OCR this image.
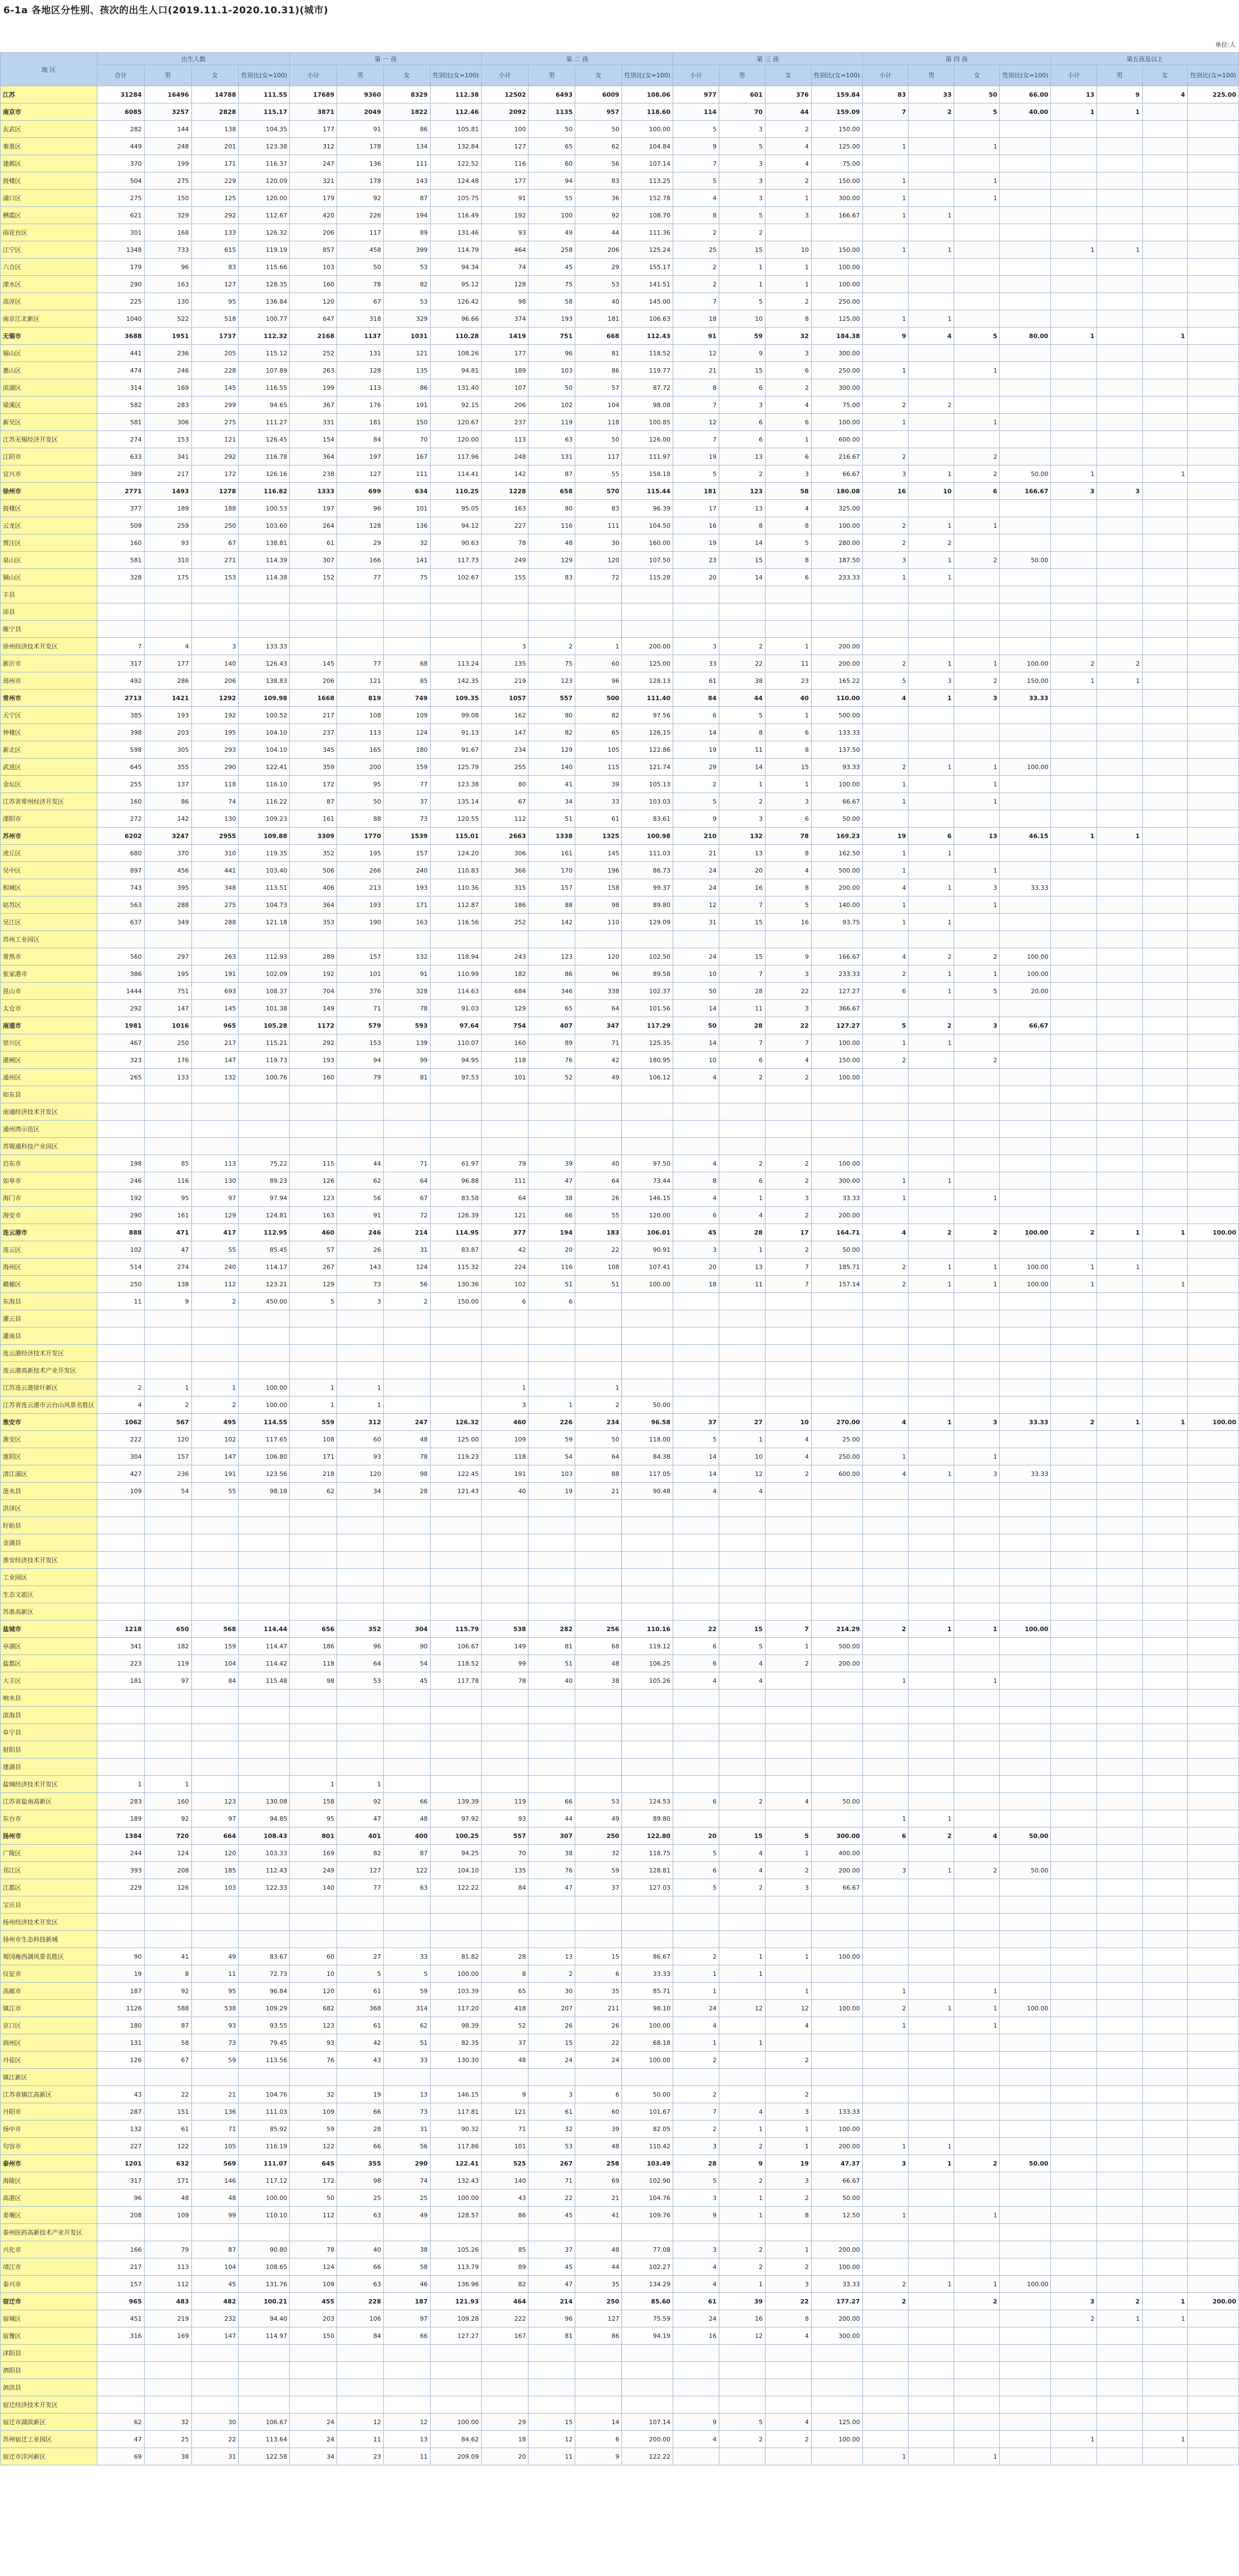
6-1a 各地区分性别、孩次的出生人口(2019.11.1-2020.10.31)(城市)
单位:人
地 区	出生人数				第 一 孩				第 二 孩				第 三 孩				第 四 孩				第五孩及以上			
	合计	男	女	性别比(女=100)	小计	男	女	性别比(女=100)	小计	男	女	性别比(女=100)	小计	男	女	性别比(女=100)	小计	男	女	性别比(女=100)	小计	男	女	性别比(女=100)
江苏	31284	16496	14788	111.55	17689	9360	8329	112.38	12502	6493	6009	108.06	977	601	376	159.84	83	33	50	66.00	13	9	4	225.00
南京市	6085	3257	2828	115.17	3871	2049	1822	112.46	2092	1135	957	118.60	114	70	44	159.09	7	2	5	40.00	1	1		
玄武区	282	144	138	104.35	177	91	86	105.81	100	50	50	100.00	5	3	2	150.00								
秦淮区	449	248	201	123.38	312	178	134	132.84	127	65	62	104.84	9	5	4	125.00	1		1					
建邺区	370	199	171	116.37	247	136	111	122.52	116	60	56	107.14	7	3	4	75.00								
鼓楼区	504	275	229	120.09	321	178	143	124.48	177	94	83	113.25	5	3	2	150.00	1		1					
浦口区	275	150	125	120.00	179	92	87	105.75	91	55	36	152.78	4	3	1	300.00	1		1					
栖霞区	621	329	292	112.67	420	226	194	116.49	192	100	92	108.70	8	5	3	166.67	1	1						
雨花台区	301	168	133	126.32	206	117	89	131.46	93	49	44	111.36	2	2										
江宁区	1348	733	615	119.19	857	458	399	114.79	464	258	206	125.24	25	15	10	150.00	1	1			1	1		
六合区	179	96	83	115.66	103	50	53	94.34	74	45	29	155.17	2	1	1	100.00								
溧水区	290	163	127	128.35	160	78	82	95.12	128	75	53	141.51	2	1	1	100.00								
高淳区	225	130	95	136.84	120	67	53	126.42	98	58	40	145.00	7	5	2	250.00								
南京江北新区	1040	522	518	100.77	647	318	329	96.66	374	193	181	106.63	18	10	8	125.00	1	1						
无锡市	3688	1951	1737	112.32	2168	1137	1031	110.28	1419	751	668	112.43	91	59	32	184.38	9	4	5	80.00	1		1	
锡山区	441	236	205	115.12	252	131	121	108.26	177	96	81	118.52	12	9	3	300.00								
惠山区	474	246	228	107.89	263	128	135	94.81	189	103	86	119.77	21	15	6	250.00	1		1					
滨湖区	314	169	145	116.55	199	113	86	131.40	107	50	57	87.72	8	6	2	300.00								
梁溪区	582	283	299	94.65	367	176	191	92.15	206	102	104	98.08	7	3	4	75.00	2	2						
新吴区	581	306	275	111.27	331	181	150	120.67	237	119	118	100.85	12	6	6	100.00	1		1					
江苏无锡经济开发区	274	153	121	126.45	154	84	70	120.00	113	63	50	126.00	7	6	1	600.00								
江阴市	633	341	292	116.78	364	197	167	117.96	248	131	117	111.97	19	13	6	216.67	2		2					
宜兴市	389	217	172	126.16	238	127	111	114.41	142	87	55	158.18	5	2	3	66.67	3	1	2	50.00	1		1	
徐州市	2771	1493	1278	116.82	1333	699	634	110.25	1228	658	570	115.44	181	123	58	180.08	16	10	6	166.67	3	3		
鼓楼区	377	189	188	100.53	197	96	101	95.05	163	80	83	96.39	17	13	4	325.00								
云龙区	509	259	250	103.60	264	128	136	94.12	227	116	111	104.50	16	8	8	100.00	2	1	1					
贾汪区	160	93	67	138.81	61	29	32	90.63	78	48	30	160.00	19	14	5	280.00	2	2						
泉山区	581	310	271	114.39	307	166	141	117.73	249	129	120	107.50	23	15	8	187.50	3	1	2	50.00				
铜山区	328	175	153	114.38	152	77	75	102.67	155	83	72	115.28	20	14	6	233.33	1	1						
丰县																								
沛县																								
睢宁县																								
徐州经济技术开发区	7	4	3	133.33					3	2	1	200.00	3	2	1	200.00								
新沂市	317	177	140	126.43	145	77	68	113.24	135	75	60	125.00	33	22	11	200.00	2	1	1	100.00	2	2		
邳州市	492	286	206	138.83	206	121	85	142.35	219	123	96	128.13	61	38	23	165.22	5	3	2	150.00	1	1		
常州市	2713	1421	1292	109.98	1668	819	749	109.35	1057	557	500	111.40	84	44	40	110.00	4	1	3	33.33				
天宁区	385	193	192	100.52	217	108	109	99.08	162	80	82	97.56	6	5	1	500.00								
钟楼区	398	203	195	104.10	237	113	124	91.13	147	82	65	126.15	14	8	6	133.33								
新北区	598	305	293	104.10	345	165	180	91.67	234	129	105	122.86	19	11	8	137.50								
武进区	645	355	290	122.41	359	200	159	125.79	255	140	115	121.74	29	14	15	93.33	2	1	1	100.00				
金坛区	255	137	118	116.10	172	95	77	123.38	80	41	39	105.13	2	1	1	100.00	1		1					
江苏省常州经济开发区	160	86	74	116.22	87	50	37	135.14	67	34	33	103.03	5	2	3	66.67	1		1					
溧阳市	272	142	130	109.23	161	88	73	120.55	112	51	61	83.61	9	3	6	50.00								
苏州市	6202	3247	2955	109.88	3309	1770	1539	115.01	2663	1338	1325	100.98	210	132	78	169.23	19	6	13	46.15	1	1		
虎丘区	680	370	310	119.35	352	195	157	124.20	306	161	145	111.03	21	13	8	162.50	1	1						
吴中区	897	456	441	103.40	506	266	240	110.83	366	170	196	86.73	24	20	4	500.00	1		1					
相城区	743	395	348	113.51	406	213	193	110.36	315	157	158	99.37	24	16	8	200.00	4	1	3	33.33				
姑苏区	563	288	275	104.73	364	193	171	112.87	186	88	98	89.80	12	7	5	140.00	1		1					
吴江区	637	349	288	121.18	353	190	163	116.56	252	142	110	129.09	31	15	16	93.75	1	1						
苏州工业园区																								
常熟市	560	297	263	112.93	289	157	132	118.94	243	123	120	102.50	24	15	9	166.67	4	2	2	100.00				
张家港市	386	195	191	102.09	192	101	91	110.99	182	86	96	89.58	10	7	3	233.33	2	1	1	100.00				
昆山市	1444	751	693	108.37	704	376	328	114.63	684	346	338	102.37	50	28	22	127.27	6	1	5	20.00				
太仓市	292	147	145	101.38	149	71	78	91.03	129	65	64	101.56	14	11	3	366.67								
南通市	1981	1016	965	105.28	1172	579	593	97.64	754	407	347	117.29	50	28	22	127.27	5	2	3	66.67				
崇川区	467	250	217	115.21	292	153	139	110.07	160	89	71	125.35	14	7	7	100.00	1	1						
港闸区	323	176	147	119.73	193	94	99	94.95	118	76	42	180.95	10	6	4	150.00	2		2					
通州区	265	133	132	100.76	160	79	81	97.53	101	52	49	106.12	4	2	2	100.00								
如东县																								
南通经济技术开发区																								
通州湾示范区																								
苏锡通科技产业园区																								
启东市	198	85	113	75.22	115	44	71	61.97	79	39	40	97.50	4	2	2	100.00								
如皋市	246	116	130	89.23	126	62	64	96.88	111	47	64	73.44	8	6	2	300.00	1	1						
海门市	192	95	97	97.94	123	56	67	83.58	64	38	26	146.15	4	1	3	33.33	1		1					
海安市	290	161	129	124.81	163	91	72	126.39	121	66	55	120.00	6	4	2	200.00								
连云港市	888	471	417	112.95	460	246	214	114.95	377	194	183	106.01	45	28	17	164.71	4	2	2	100.00	2	1	1	100.00
连云区	102	47	55	85.45	57	26	31	83.87	42	20	22	90.91	3	1	2	50.00								
海州区	514	274	240	114.17	267	143	124	115.32	224	116	108	107.41	20	13	7	185.71	2	1	1	100.00	1	1		
赣榆区	250	138	112	123.21	129	73	56	130.36	102	51	51	100.00	18	11	7	157.14	2	1	1	100.00	1		1	
东海县	11	9	2	450.00	5	3	2	150.00	6	6														
灌云县																								
灌南县																								
连云港经济技术开发区																								
连云港高新技术产业开发区																								
江苏连云港徐圩新区	2	1	1	100.00	1	1			1		1													
江苏省连云港市云台山风景名胜区	4	2	2	100.00	1	1			3	1	2	50.00												
淮安市	1062	567	495	114.55	559	312	247	126.32	460	226	234	96.58	37	27	10	270.00	4	1	3	33.33	2	1	1	100.00
淮安区	222	120	102	117.65	108	60	48	125.00	109	59	50	118.00	5	1	4	25.00								
淮阴区	304	157	147	106.80	171	93	78	119.23	118	54	64	84.38	14	10	4	250.00	1		1					
清江浦区	427	236	191	123.56	218	120	98	122.45	191	103	88	117.05	14	12	2	600.00	4	1	3	33.33				
涟水县	109	54	55	98.18	62	34	28	121.43	40	19	21	90.48	4	4										
洪泽区																								
盱眙县																								
金湖县																								
淮安经济技术开发区																								
工业园区																								
生态文旅区																								
苏淮高新区																								
盐城市	1218	650	568	114.44	656	352	304	115.79	538	282	256	110.16	22	15	7	214.29	2	1	1	100.00				
亭湖区	341	182	159	114.47	186	96	90	106.67	149	81	68	119.12	6	5	1	500.00								
盐都区	223	119	104	114.42	118	64	54	118.52	99	51	48	106.25	6	4	2	200.00								
大丰区	181	97	84	115.48	98	53	45	117.78	78	40	38	105.26	4	4			1		1					
响水县																								
滨海县																								
阜宁县																								
射阳县																								
建湖县																								
盐城经济技术开发区	1	1			1	1																		
江苏省盐南高新区	283	160	123	130.08	158	92	66	139.39	119	66	53	124.53	6	2	4	50.00								
东台市	189	92	97	94.85	95	47	48	97.92	93	44	49	89.80					1	1						
扬州市	1384	720	664	108.43	801	401	400	100.25	557	307	250	122.80	20	15	5	300.00	6	2	4	50.00				
广陵区	244	124	120	103.33	169	82	87	94.25	70	38	32	118.75	5	4	1	400.00								
邗江区	393	208	185	112.43	249	127	122	104.10	135	76	59	128.81	6	4	2	200.00	3	1	2	50.00				
江都区	229	126	103	122.33	140	77	63	122.22	84	47	37	127.03	5	2	3	66.67								
宝应县																								
扬州经济技术开发区																								
扬州市生态科技新城																								
蜀冈瘦西湖风景名胜区	90	41	49	83.67	60	27	33	81.82	28	13	15	86.67	2	1	1	100.00								
仪征市	19	8	11	72.73	10	5	5	100.00	8	2	6	33.33	1	1										
高邮市	187	92	95	96.84	120	61	59	103.39	65	30	35	85.71	1		1		1		1					
镇江市	1126	588	538	109.29	682	368	314	117.20	418	207	211	98.10	24	12	12	100.00	2	1	1	100.00				
京口区	180	87	93	93.55	123	61	62	98.39	52	26	26	100.00	4		4		1		1					
润州区	131	58	73	79.45	93	42	51	82.35	37	15	22	68.18	1	1										
丹徒区	126	67	59	113.56	76	43	33	130.30	48	24	24	100.00	2		2									
镇江新区																								
江苏省镇江高新区	43	22	21	104.76	32	19	13	146.15	9	3	6	50.00	2		2									
丹阳市	287	151	136	111.03	109	66	73	117.81	121	61	60	101.67	7	4	3	133.33								
扬中市	132	61	71	85.92	59	28	31	90.32	71	32	39	82.05	2	1	1	100.00								
句容市	227	122	105	116.19	122	66	56	117.86	101	53	48	110.42	3	2	1	200.00	1	1						
泰州市	1201	632	569	111.07	645	355	290	122.41	525	267	258	103.49	28	9	19	47.37	3	1	2	50.00				
海陵区	317	171	146	117.12	172	98	74	132.43	140	71	69	102.90	5	2	3	66.67								
高港区	96	48	48	100.00	50	25	25	100.00	43	22	21	104.76	3	1	2	50.00								
姜堰区	208	109	99	110.10	112	63	49	128.57	86	45	41	109.76	9	1	8	12.50	1		1					
泰州医药高新技术产业开发区																								
兴化市	166	79	87	90.80	78	40	38	105.26	85	37	48	77.08	3	2	1	200.00								
靖江市	217	113	104	108.65	124	66	58	113.79	89	45	44	102.27	4	2	2	100.00								
泰兴市	157	112	45	131.76	109	63	46	136.96	82	47	35	134.29	4	1	3	33.33	2	1	1	100.00				
宿迁市	965	483	482	100.21	455	228	187	121.93	464	214	250	85.60	61	39	22	177.27	2		2		3	2	1	200.00
宿城区	451	219	232	94.40	203	106	97	109.28	222	96	127	75.59	24	16	8	200.00					2	1	1	
宿豫区	316	169	147	114.97	150	84	66	127.27	167	81	86	94.19	16	12	4	300.00								
沭阳县																								
泗阳县																								
泗洪县																								
宿迁经济技术开发区																								
宿迁市湖滨新区	62	32	30	106.67	24	12	12	100.00	29	15	14	107.14	9	5	4	125.00								
苏州宿迁工业园区	47	25	22	113.64	24	11	13	84.62	18	12	6	200.00	4	2	2	100.00					1		1	
宿迁市洋河新区	69	38	31	122.58	34	23	11	209.09	20	11	9	122.22					1		1					
